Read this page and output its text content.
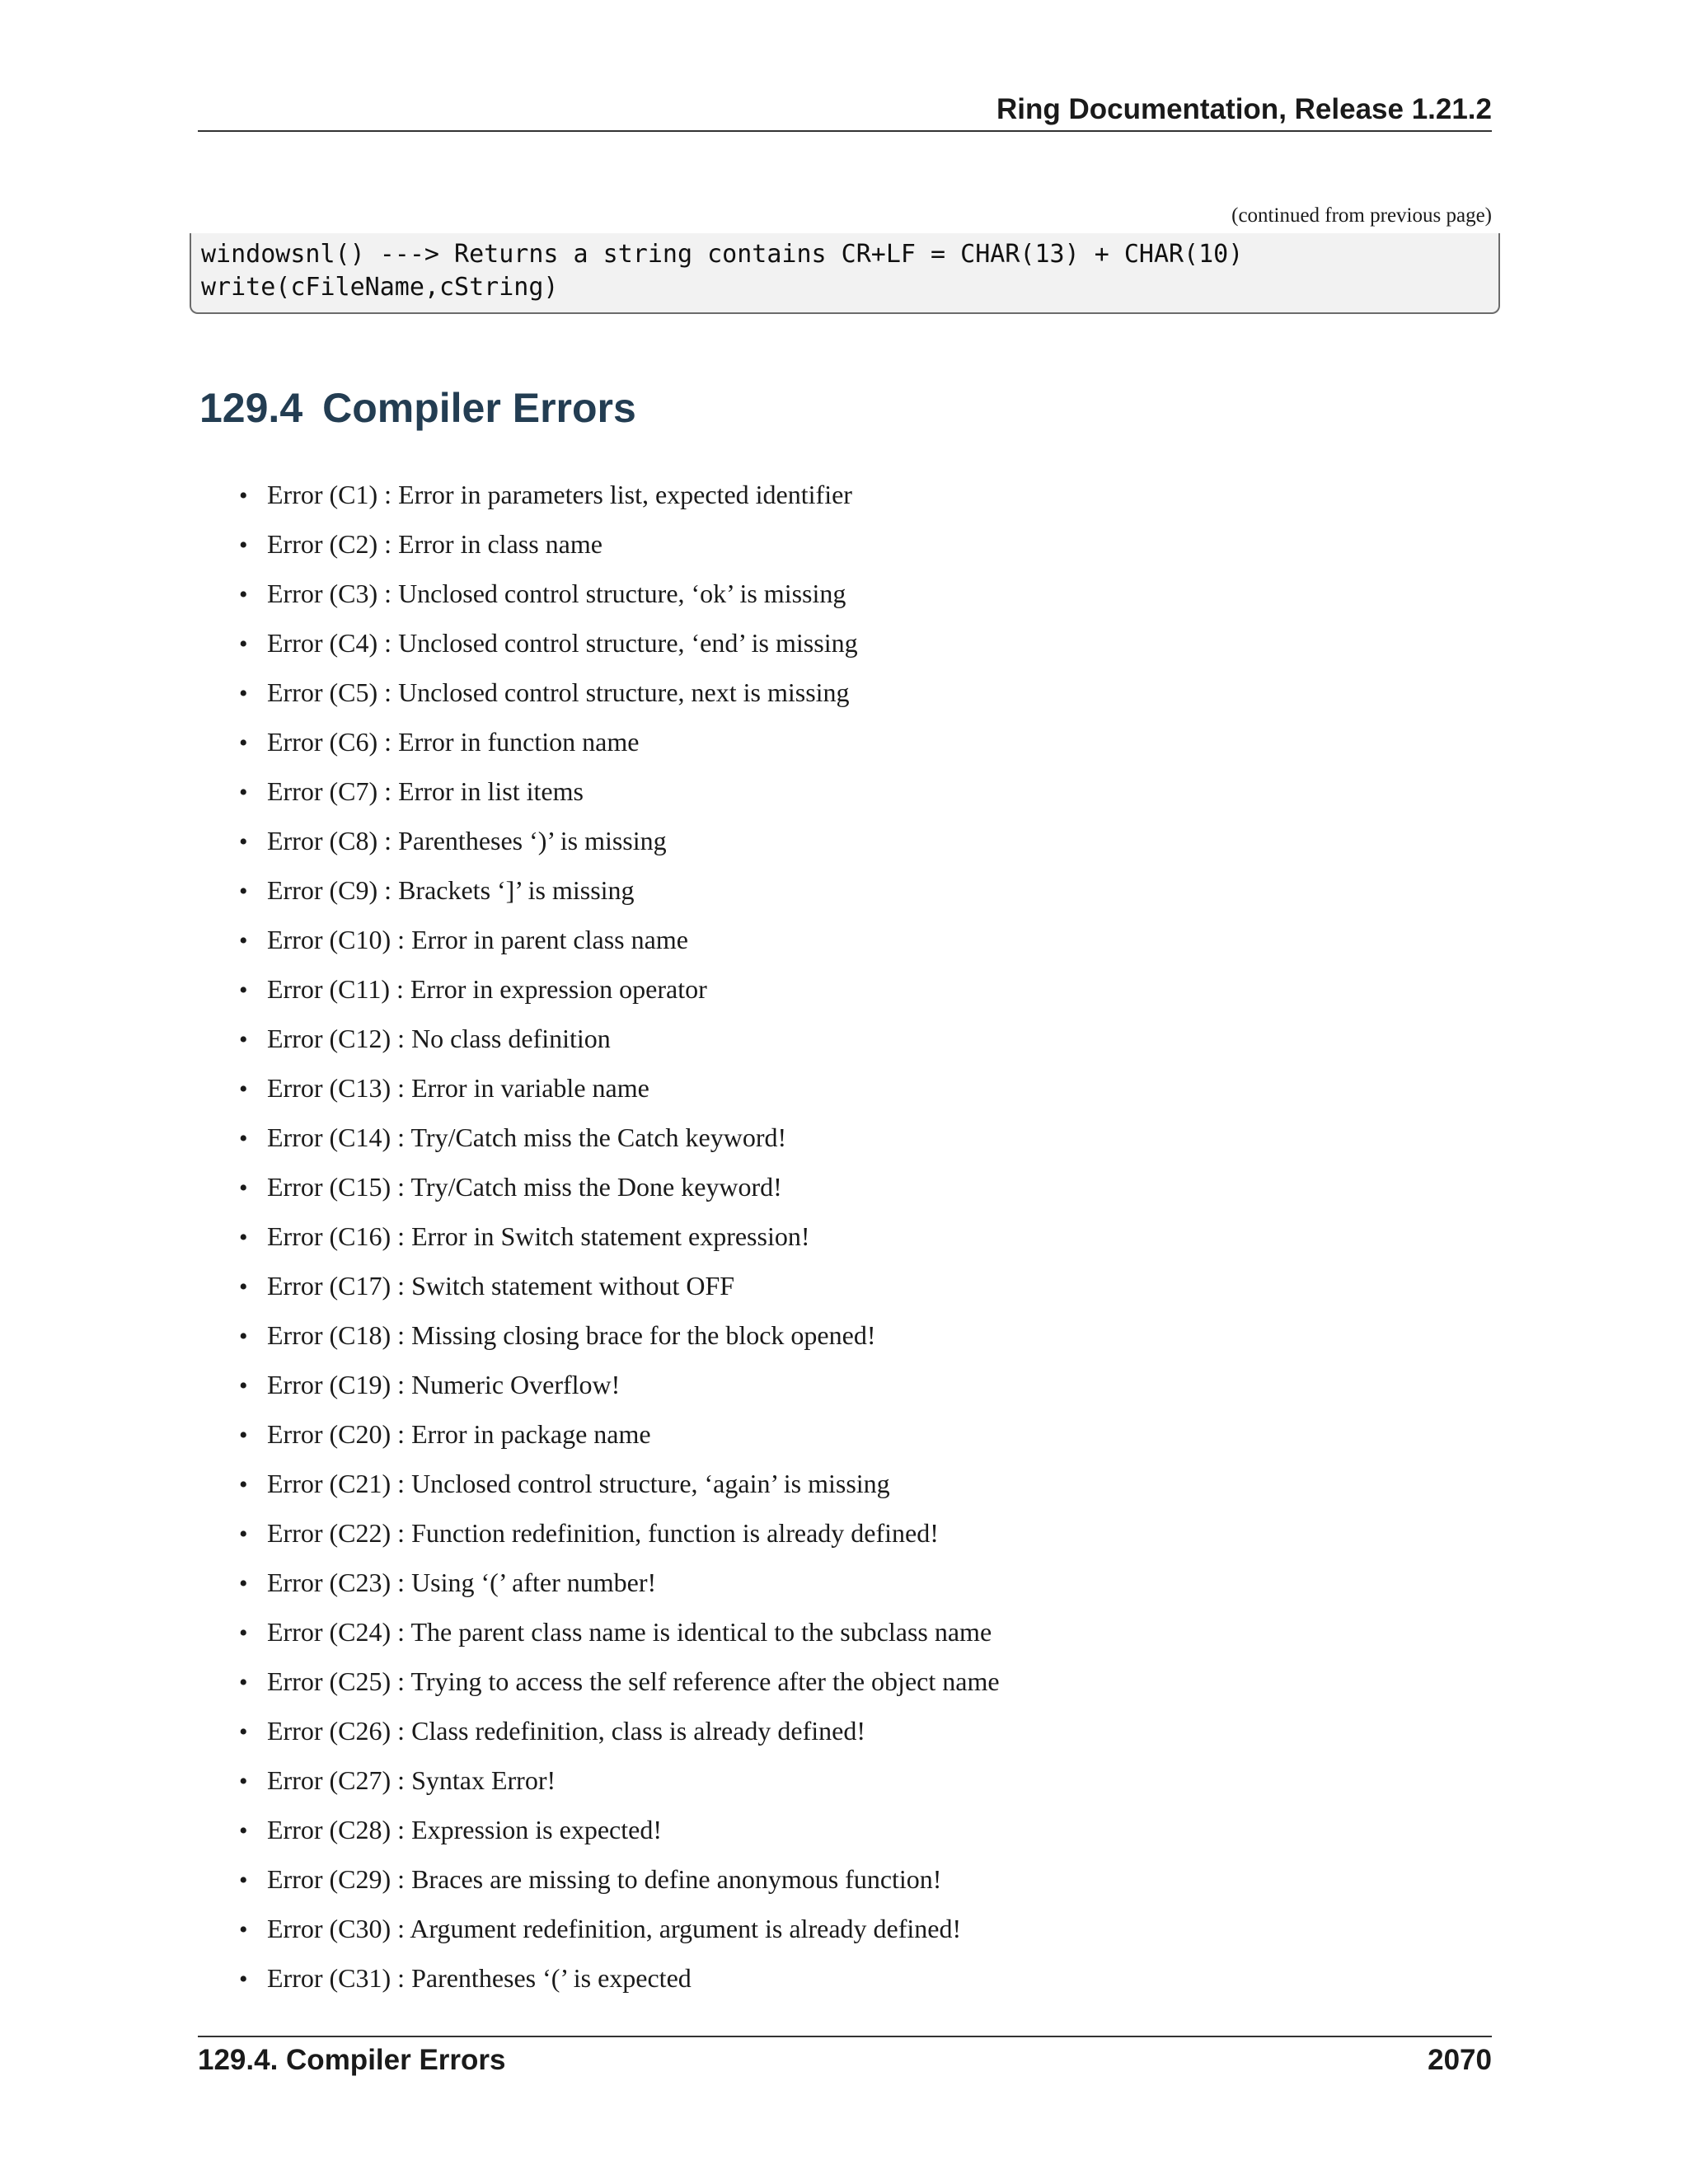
Ring Documentation, Release 1.21.2
(continued from previous page)
windowsnl() ---> Returns a string contains CR+LF = CHAR(13) + CHAR(10)
write(cFileName,cString)
129.4 Compiler Errors
• Error (C1) : Error in parameters list, expected identifier
• Error (C2) : Error in class name
• Error (C3) : Unclosed control structure, ‘ok’ is missing
• Error (C4) : Unclosed control structure, ‘end’ is missing
• Error (C5) : Unclosed control structure, next is missing
• Error (C6) : Error in function name
• Error (C7) : Error in list items
• Error (C8) : Parentheses ‘)’ is missing
• Error (C9) : Brackets ‘]’ is missing
• Error (C10) : Error in parent class name
• Error (C11) : Error in expression operator
• Error (C12) : No class definition
• Error (C13) : Error in variable name
• Error (C14) : Try/Catch miss the Catch keyword!
• Error (C15) : Try/Catch miss the Done keyword!
• Error (C16) : Error in Switch statement expression!
• Error (C17) : Switch statement without OFF
• Error (C18) : Missing closing brace for the block opened!
• Error (C19) : Numeric Overflow!
• Error (C20) : Error in package name
• Error (C21) : Unclosed control structure, ‘again’ is missing
• Error (C22) : Function redefinition, function is already defined!
• Error (C23) : Using ‘(’ after number!
• Error (C24) : The parent class name is identical to the subclass name
• Error (C25) : Trying to access the self reference after the object name
• Error (C26) : Class redefinition, class is already defined!
• Error (C27) : Syntax Error!
• Error (C28) : Expression is expected!
• Error (C29) : Braces are missing to define anonymous function!
• Error (C30) : Argument redefinition, argument is already defined!
• Error (C31) : Parentheses ‘(’ is expected
129.4. Compiler Errors	2070
